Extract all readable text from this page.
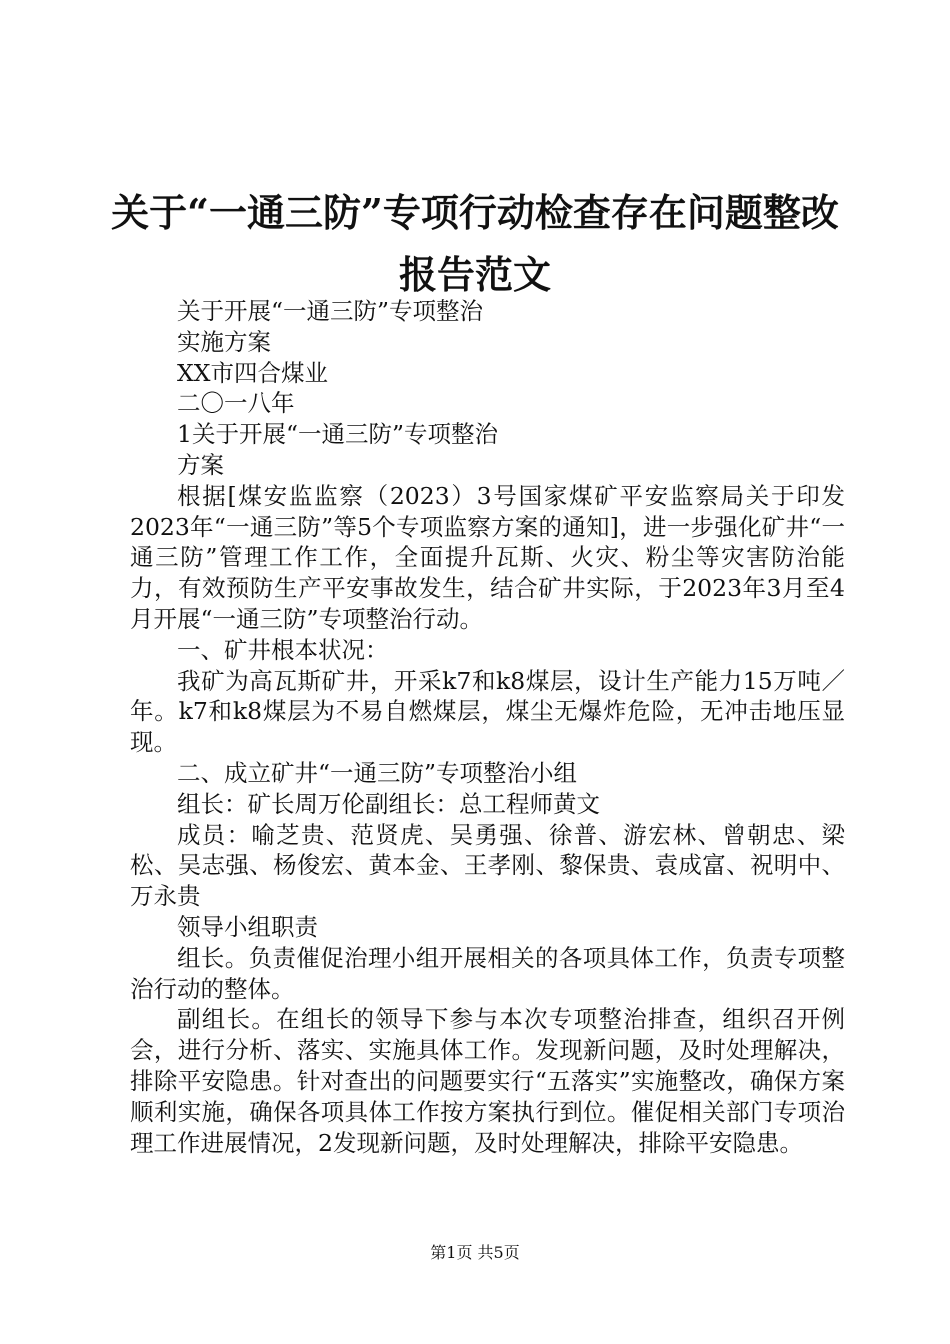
关于“一通三防”专项行动检查存在问题整改
报告范文

关于开展“一通三防”专项整治

实施方案

XX市四合煤业

二〇一八年

1关于开展“一通三防”专项整治

方案

根据[煤安监监察（2023）3号国家煤矿平安监察局关于印发2023年“一通三防”等5个专项监察方案的通知]，进一步强化矿井“一通三防”管理工作工作，全面提升瓦斯、火灾、粉尘等灾害防治能力，有效预防生产平安事故发生，结合矿井实际，于2023年3月至4月开展“一通三防”专项整治行动。

一、矿井根本状况：

我矿为高瓦斯矿井，开采k7和k8煤层，设计生产能力15万吨／年。k7和k8煤层为不易自燃煤层，煤尘无爆炸危险，无冲击地压显现。

二、成立矿井“一通三防”专项整治小组

组长：矿长周万伦副组长：总工程师黄文

成员：喻芝贵、范贤虎、吴勇强、徐普、游宏林、曾朝忠、梁松、吴志强、杨俊宏、黄本金、王孝刚、黎保贵、袁成富、祝明中、万永贵

领导小组职责

组长。负责催促治理小组开展相关的各项具体工作，负责专项整治行动的整体。

副组长。在组长的领导下参与本次专项整治排查，组织召开例会，进行分析、落实、实施具体工作。发现新问题，及时处理解决，排除平安隐患。针对查出的问题要实行“五落实”实施整改，确保方案顺利实施，确保各项具体工作按方案执行到位。催促相关部门专项治理工作进展情况，2发现新问题，及时处理解决，排除平安隐患。

第1页 共5页
